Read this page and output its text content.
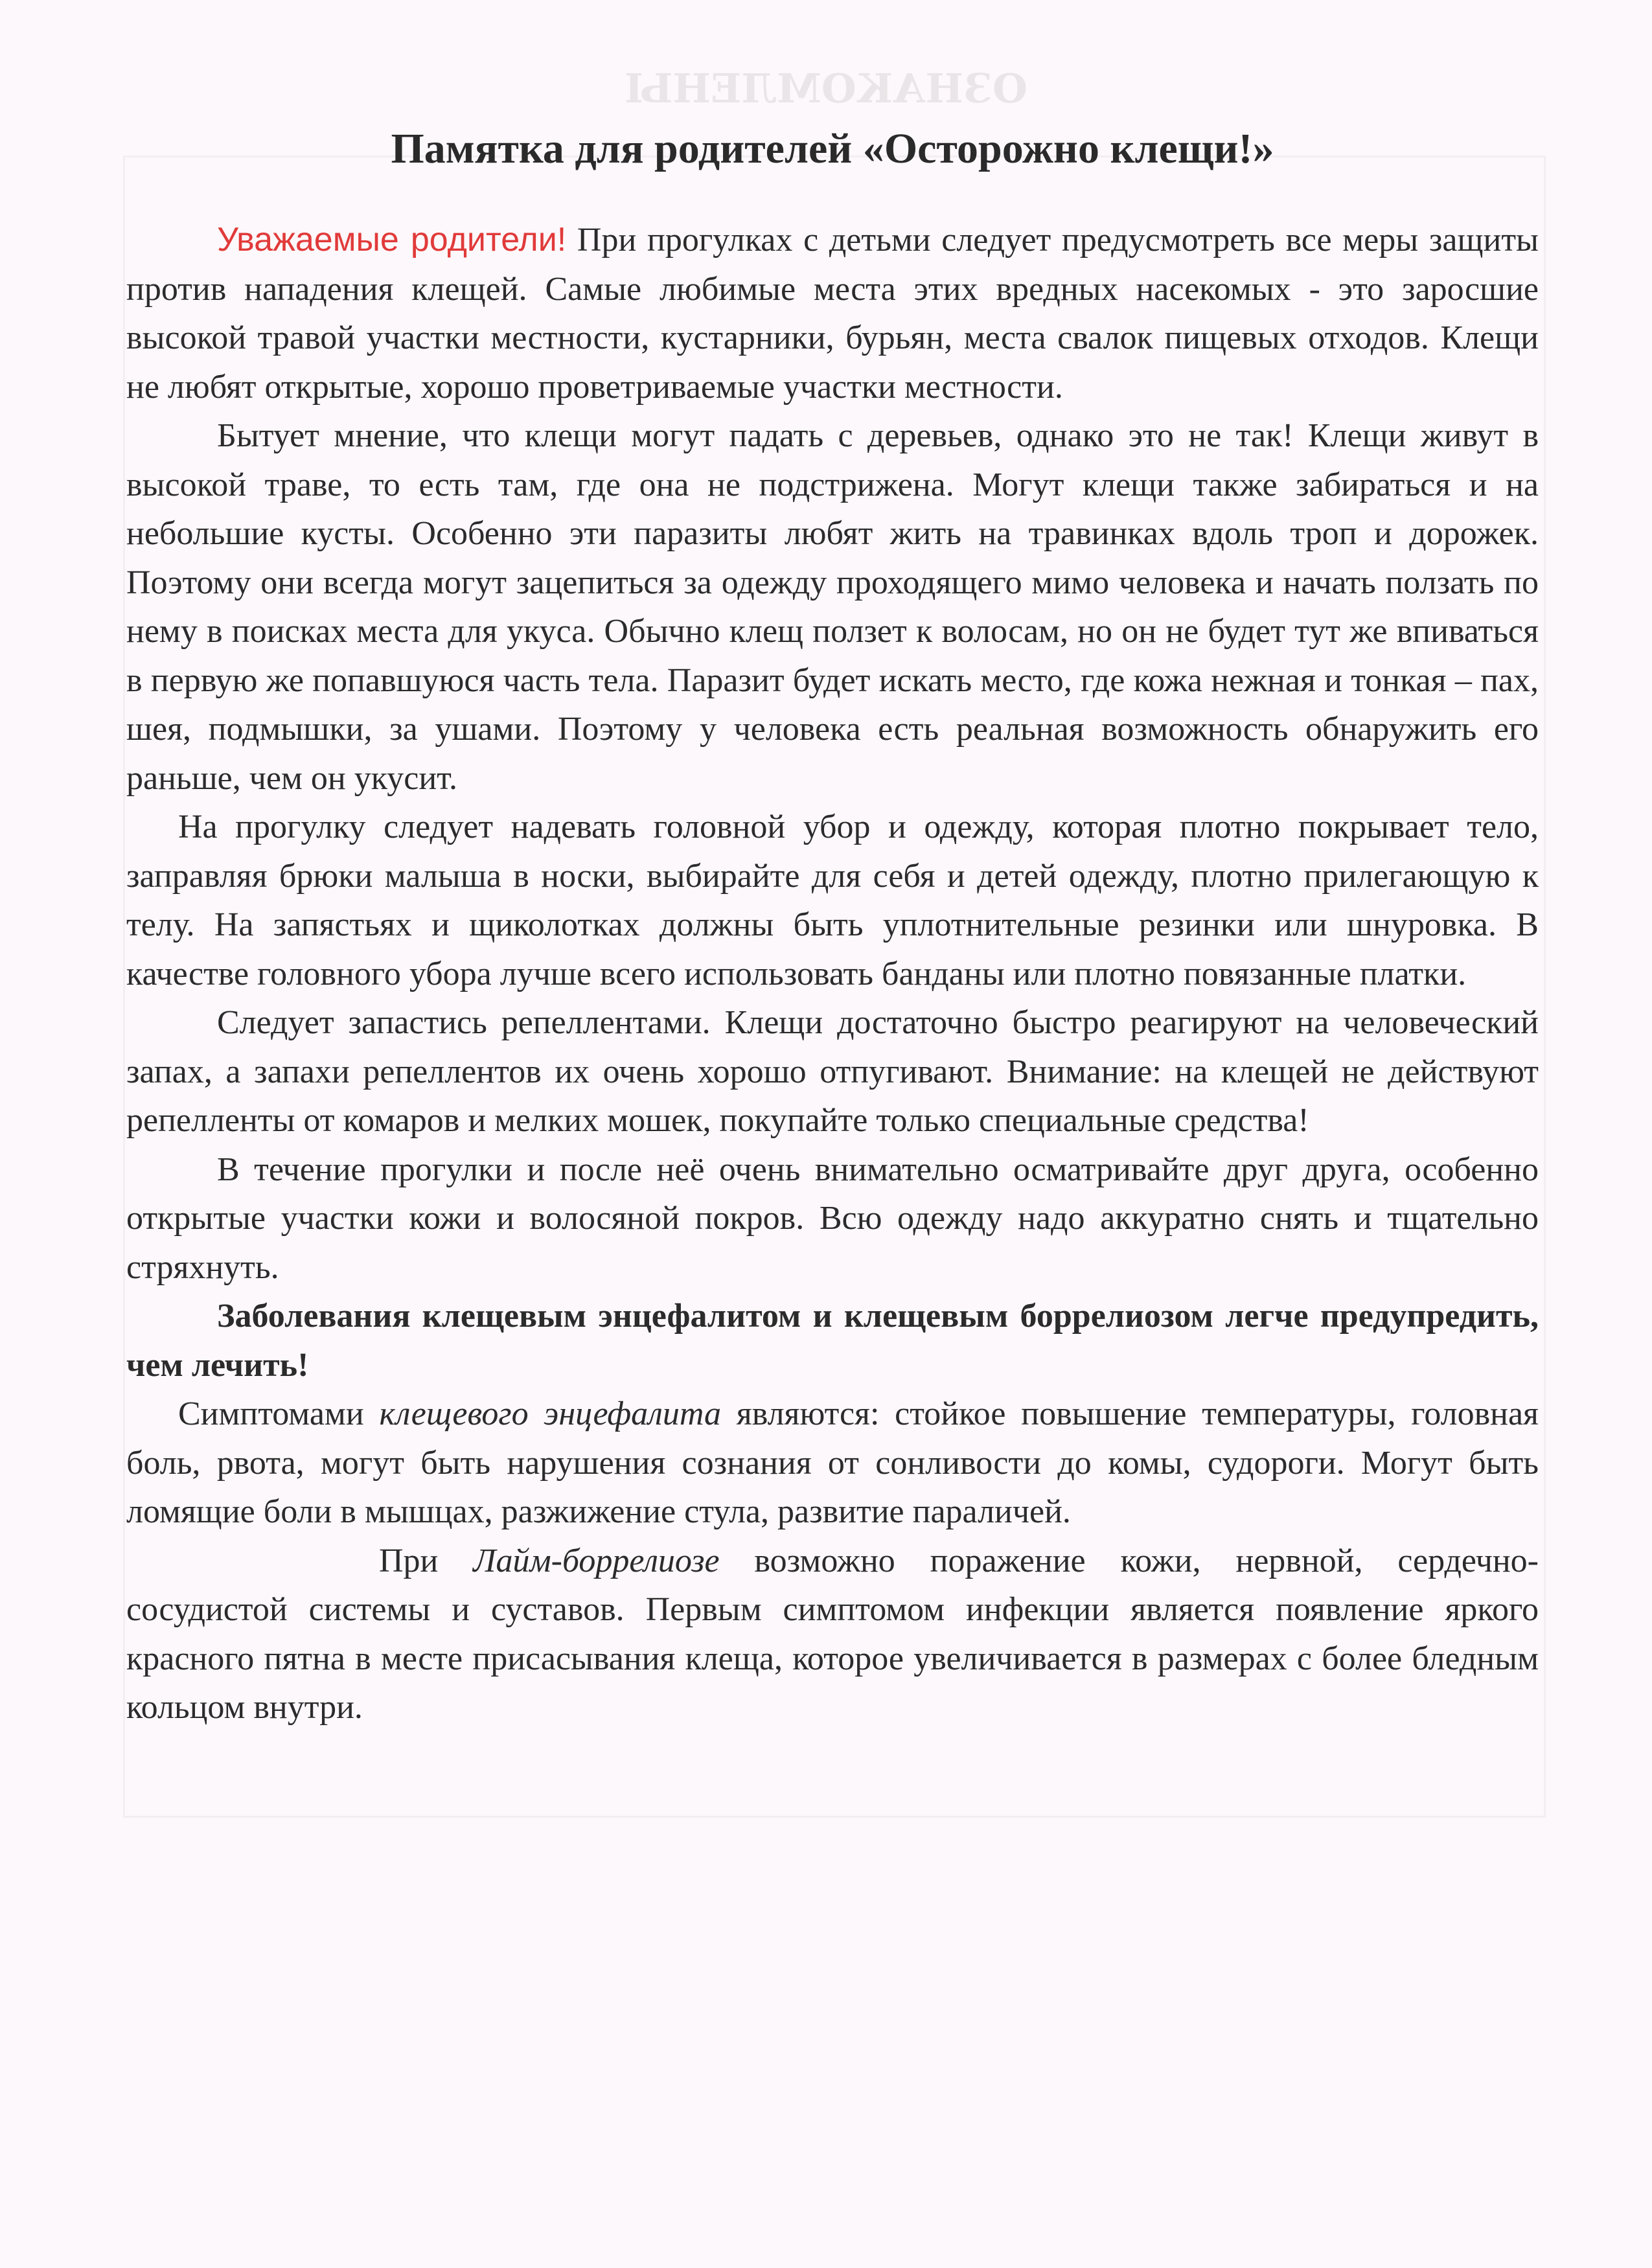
ОЗНАКОМЛЕНЫ
Памятка для родителей «Осторожно клещи!»

Уважаемые родители! При прогулках с детьми следует предусмотреть все меры защиты против нападения клещей. Самые любимые места этих вредных насекомых - это заросшие высокой травой участки местности, кустарники, бурьян, места свалок пищевых отходов. Клещи не любят открытые, хорошо проветриваемые участки местности.

Бытует мнение, что клещи могут падать с деревьев, однако это не так! Клещи живут в высокой траве, то есть там, где она не подстрижена. Могут клещи также забираться и на небольшие кусты. Особенно эти паразиты любят жить на травинках вдоль троп и дорожек. Поэтому они всегда могут зацепиться за одежду проходящего мимо человека и начать ползать по нему в поисках места для укуса. Обычно клещ ползет к волосам, но он не будет тут же впиваться в первую же попавшуюся часть тела. Паразит будет искать место, где кожа нежная и тонкая – пах, шея, подмышки, за ушами. Поэтому у человека есть реальная возможность обнаружить его раньше, чем он укусит.

На прогулку следует надевать головной убор и одежду, которая плотно покрывает тело, заправляя брюки малыша в носки, выбирайте для себя и детей одежду, плотно прилегающую к телу. На запястьях и щиколотках должны быть уплотнительные резинки или шнуровка. В качестве головного убора лучше всего использовать банданы или плотно повязанные платки.

Следует запастись репеллентами. Клещи достаточно быстро реагируют на человеческий запах, а запахи репеллентов их очень хорошо отпугивают. Внимание: на клещей не действуют репелленты от комаров и мелких мошек, покупайте только специальные средства!

В течение прогулки и после неё очень внимательно осматривайте друг друга, особенно открытые участки кожи и волосяной покров. Всю одежду надо аккуратно снять и тщательно стряхнуть.

Заболевания клещевым энцефалитом и клещевым боррелиозом легче предупредить, чем лечить!

Симптомами клещевого энцефалита являются: стойкое повышение температуры, головная боль, рвота, могут быть нарушения сознания от сонливости до комы, судороги. Могут быть ломящие боли в мышцах, разжижение стула, развитие параличей.

При Лайм-боррелиозе возможно поражение кожи, нервной, сердечно-сосудистой системы и суставов. Первым симптомом инфекции является появление яркого красного пятна в месте присасывания клеща, которое увеличивается в размерах с более бледным кольцом внутри.
